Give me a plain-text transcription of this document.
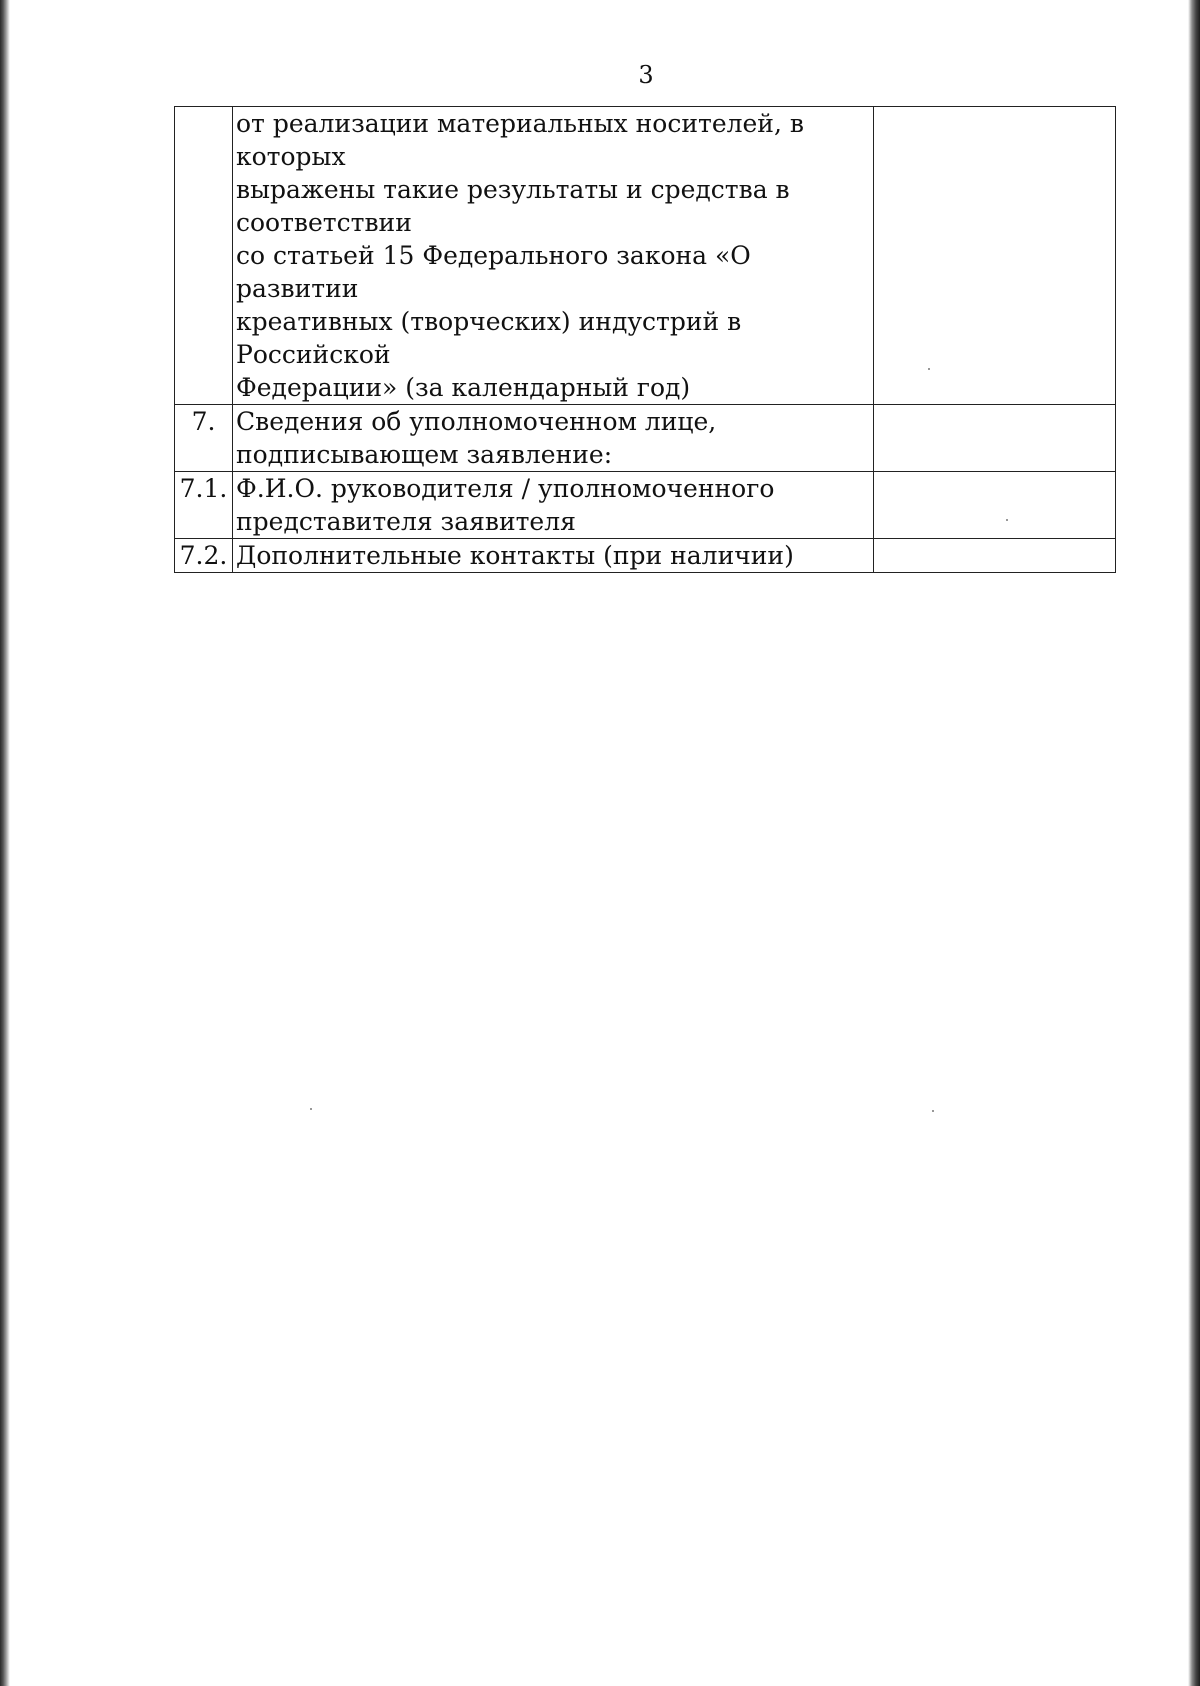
3

	от реализации материальных носителей, в которых
выражены такие результаты и средства в соответствии
со статьей 15 Федерального закона «О развитии
креативных (творческих) индустрий в Российской
Федерации» (за календарный год)	

7.	Сведения об уполномоченном лице,
подписывающем заявление:	

7.1.	Ф.И.О. руководителя / уполномоченного
представителя заявителя	

7.2.	Дополнительные контакты (при наличии)	
